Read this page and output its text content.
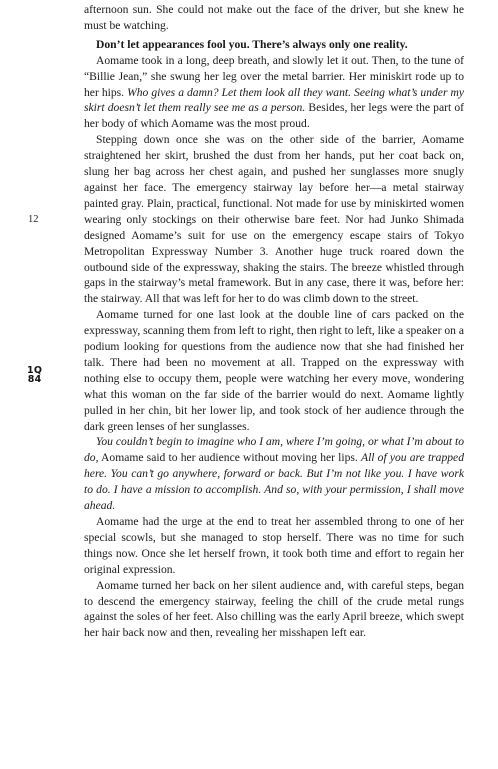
12
1Q
84

afternoon sun. She could not make out the face of the driver, but she knew he must be watching.

Don’t let appearances fool you. There’s always only one reality.

Aomame took in a long, deep breath, and slowly let it out. Then, to the tune of “Billie Jean,” she swung her leg over the metal barrier. Her miniskirt rode up to her hips. Who gives a damn? Let them look all they want. Seeing what’s under my skirt doesn’t let them really see me as a person. Besides, her legs were the part of her body of which Aomame was the most proud.

Stepping down once she was on the other side of the barrier, Aomame straightened her skirt, brushed the dust from her hands, put her coat back on, slung her bag across her chest again, and pushed her sunglasses more snugly against her face. The emergency stairway lay before her—a metal stairway painted gray. Plain, practical, functional. Not made for use by miniskirted women wearing only stockings on their otherwise bare feet. Nor had Junko Shimada designed Aomame’s suit for use on the emergency escape stairs of Tokyo Metropolitan Expressway Number 3. Another huge truck roared down the outbound side of the expressway, shaking the stairs. The breeze whistled through gaps in the stairway’s metal framework. But in any case, there it was, before her: the stairway. All that was left for her to do was climb down to the street.

Aomame turned for one last look at the double line of cars packed on the expressway, scanning them from left to right, then right to left, like a speaker on a podium looking for questions from the audience now that she had finished her talk. There had been no movement at all. Trapped on the expressway with nothing else to occupy them, people were watching her every move, wondering what this woman on the far side of the barrier would do next. Aomame lightly pulled in her chin, bit her lower lip, and took stock of her audience through the dark green lenses of her sunglasses.

You couldn’t begin to imagine who I am, where I’m going, or what I’m about to do, Aomame said to her audience without moving her lips. All of you are trapped here. You can’t go anywhere, forward or back. But I’m not like you. I have work to do. I have a mission to accomplish. And so, with your permission, I shall move ahead.

Aomame had the urge at the end to treat her assembled throng to one of her special scowls, but she managed to stop herself. There was no time for such things now. Once she let herself frown, it took both time and effort to regain her original expression.

Aomame turned her back on her silent audience and, with careful steps, began to descend the emergency stairway, feeling the chill of the crude metal rungs against the soles of her feet. Also chilling was the early April breeze, which swept her hair back now and then, revealing her misshapen left ear.
